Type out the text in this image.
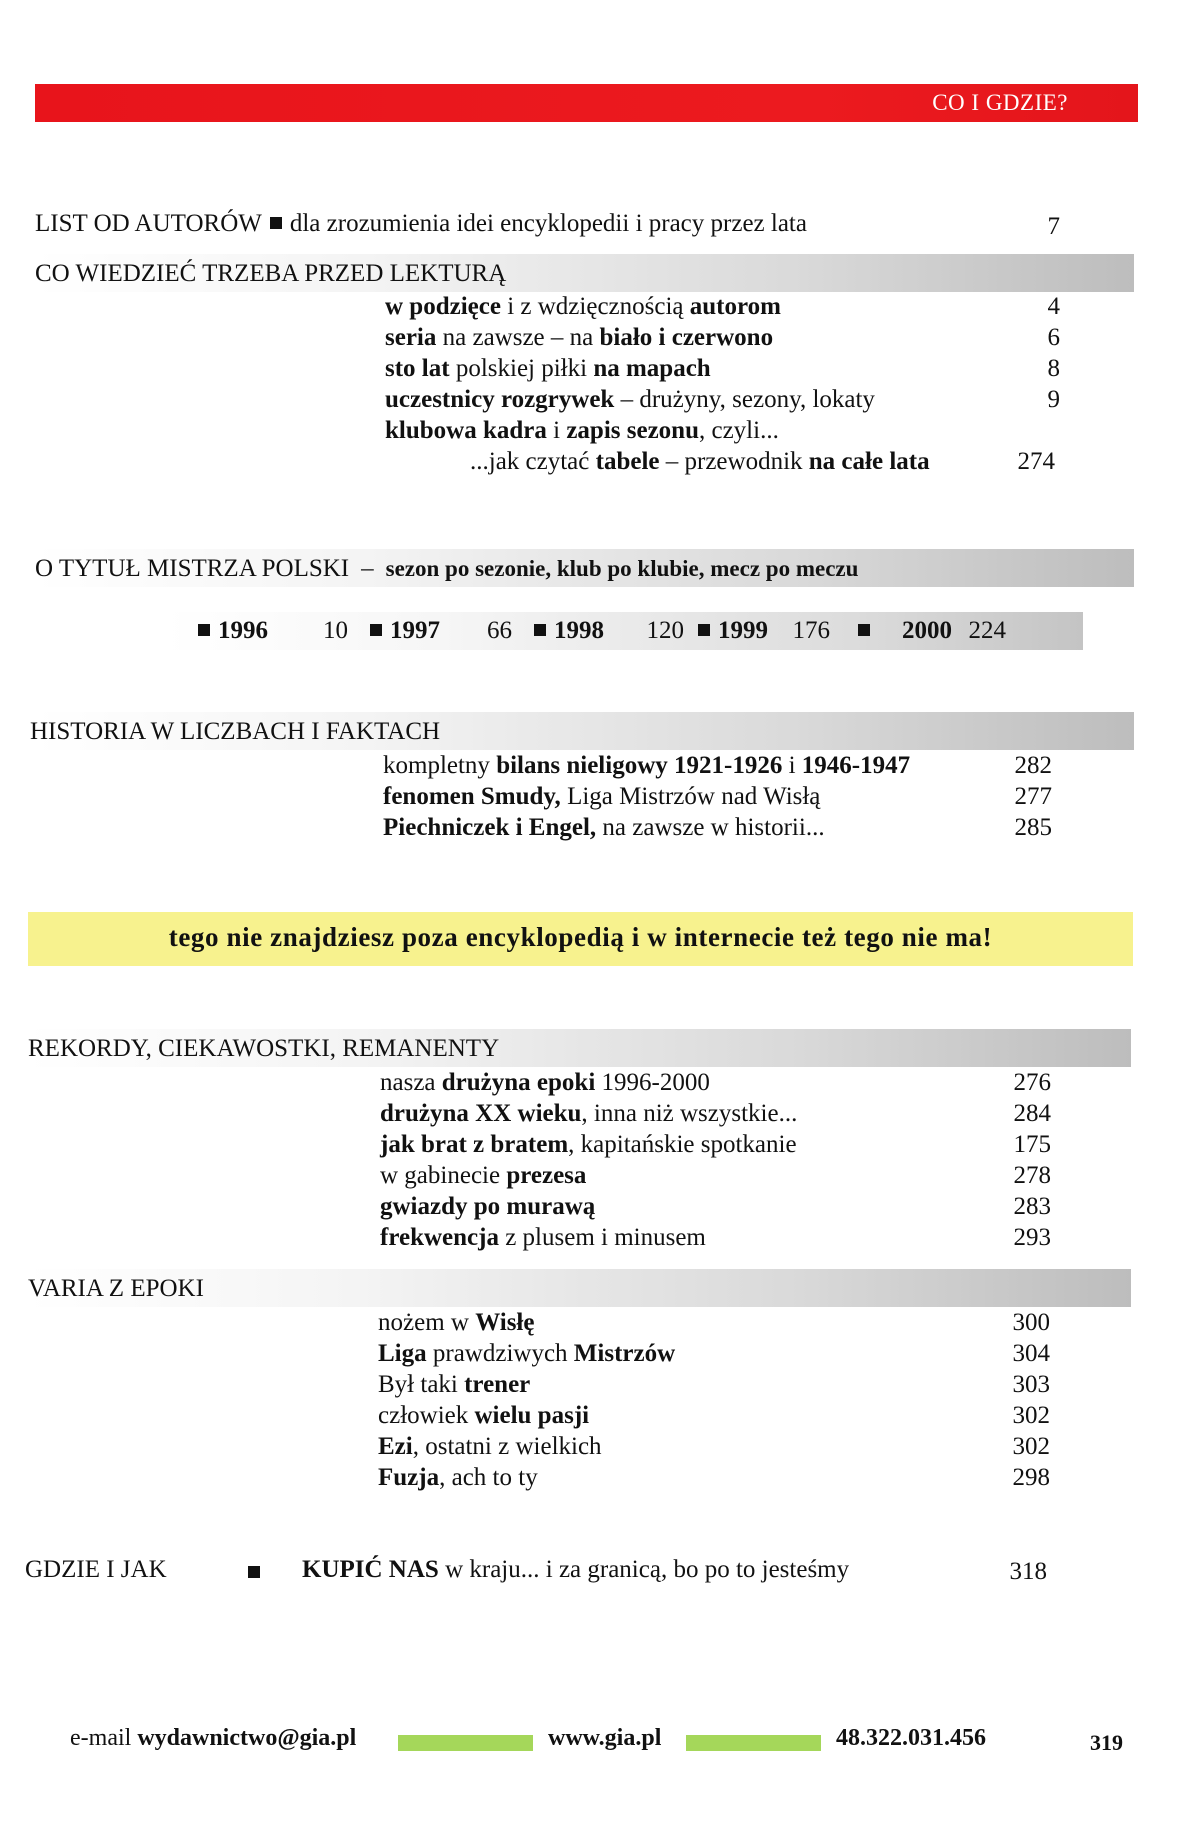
CO I GDZIE?
LIST OD AUTORÓW dla zrozumienia idei encyklopedii i pracy przez lata	7
CO WIEDZIEĆ TRZEBA PRZED LEKTURĄ
w podzięce i z wdzięcznością autorom	4
seria na zawsze – na biało i czerwono	6
sto lat polskiej piłki na mapach	8
uczestnicy rozgrywek – drużyny, sezony, lokaty	9
klubowa kadra i zapis sezonu, czyli...
...jak czytać tabele – przewodnik na całe lata	274
O TYTUŁ MISTRZA POLSKI – sezon po sezonie, klub po klubie, mecz po meczu
1996 10 1997 66 1998 120 1999 176	2000 224
HISTORIA W LICZBACH I FAKTACH
kompletny bilans nieligowy 1921-1926 i 1946-1947	282
fenomen Smudy, Liga Mistrzów nad Wisłą	277
Piechniczek i Engel, na zawsze w historii...	285
tego nie znajdziesz poza encyklopedią i w internecie też tego nie ma!
REKORDY, CIEKAWOSTKI, REMANENTY
nasza drużyna epoki 1996-2000	276
drużyna XX wieku, inna niż wszystkie...	284
jak brat z bratem, kapitańskie spotkanie	175
w gabinecie prezesa	278
gwiazdy po murawą	283
frekwencja z plusem i minusem	293
VARIA Z EPOKI
nożem w Wisłę	300
Liga prawdziwych Mistrzów	304
Był taki trener	303
człowiek wielu pasji	302
Ezi, ostatni z wielkich	302
Fuzja, ach to ty	298
GDZIE I JAK	KUPIĆ NAS w kraju... i za granicą, bo po to jesteśmy	318
e-mail wydawnictwo@gia.pl	www.gia.pl	48.322.031.456	319
